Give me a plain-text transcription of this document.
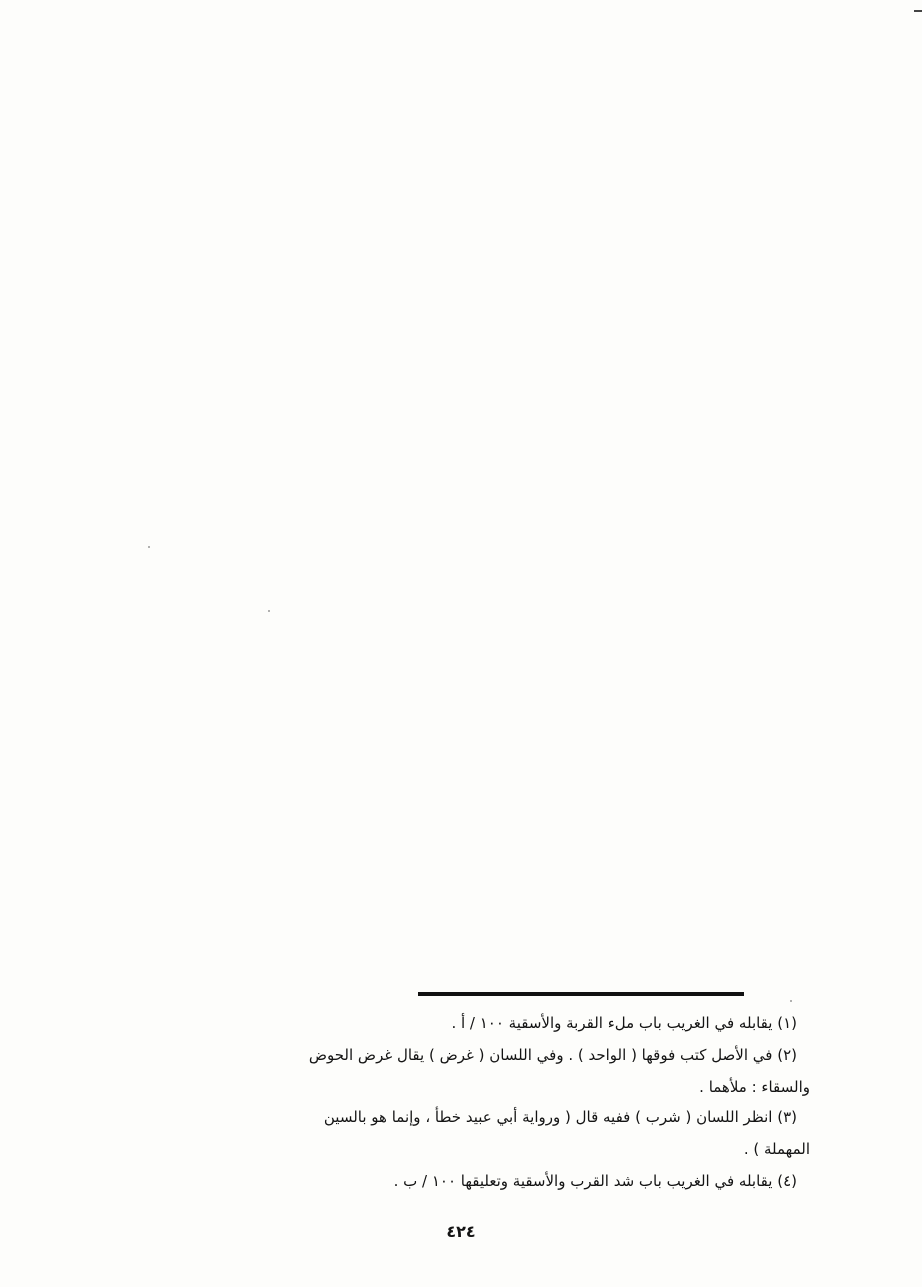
(١) يقابله في الغريب باب ملء القربة والأسقية ١٠٠ / أ .
(٢) في الأصل كتب فوقها ( الواحد ) . وفي اللسان ( غرض ) يقال غرض الحوض
والسقاء : ملأهما .
(٣) انظر اللسان ( شرب ) ففيه قال ( ورواية أبي عبيد خطأ ، وإنما هو بالسين
المهملة ) .
(٤) يقابله في الغريب باب شد القرب والأسقية وتعليقها ١٠٠ / ب .
٤٢٤
